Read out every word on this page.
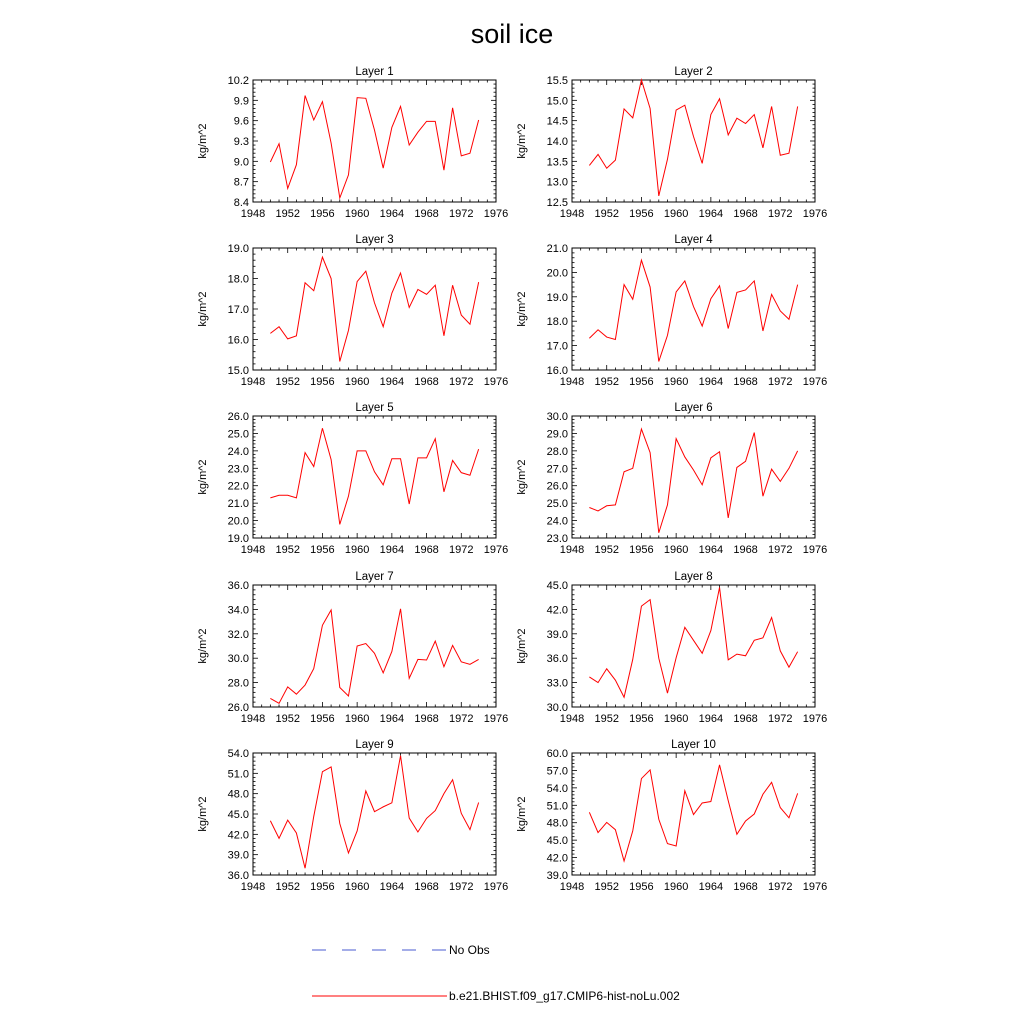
soil ice
Layer 1
1948 1952 1956 1960 1964 1968 1972 1976
8.4
8.7
9.0
9.3
9.6
9.9
10.2
kg/m^2
Layer 2
1948 1952 1956 1960 1964 1968 1972 1976
12.5
13.0
13.5
14.0
14.5
15.0
15.5
kg/m^2
Layer 3
1948 1952 1956 1960 1964 1968 1972 1976
15.0
16.0
17.0
18.0
19.0
kg/m^2
Layer 4
1948 1952 1956 1960 1964 1968 1972 1976
16.0
17.0
18.0
19.0
20.0
21.0
kg/m^2
Layer 5
1948 1952 1956 1960 1964 1968 1972 1976
19.0
20.0
21.0
22.0
23.0
24.0
25.0
26.0
kg/m^2
Layer 6
1948 1952 1956 1960 1964 1968 1972 1976
23.0
24.0
25.0
26.0
27.0
28.0
29.0
30.0
kg/m^2
Layer 7
1948 1952 1956 1960 1964 1968 1972 1976
26.0
28.0
30.0
32.0
34.0
36.0
kg/m^2
Layer 8
1948 1952 1956 1960 1964 1968 1972 1976
30.0
33.0
36.0
39.0
42.0
45.0
kg/m^2
Layer 9
1948 1952 1956 1960 1964 1968 1972 1976
36.0
39.0
42.0
45.0
48.0
51.0
54.0
kg/m^2
Layer 10
1948 1952 1956 1960 1964 1968 1972 1976
39.0
42.0
45.0
48.0
51.0
54.0
57.0
60.0
kg/m^2
No Obs
b.e21.BHIST.f09_g17.CMIP6-hist-noLu.002
